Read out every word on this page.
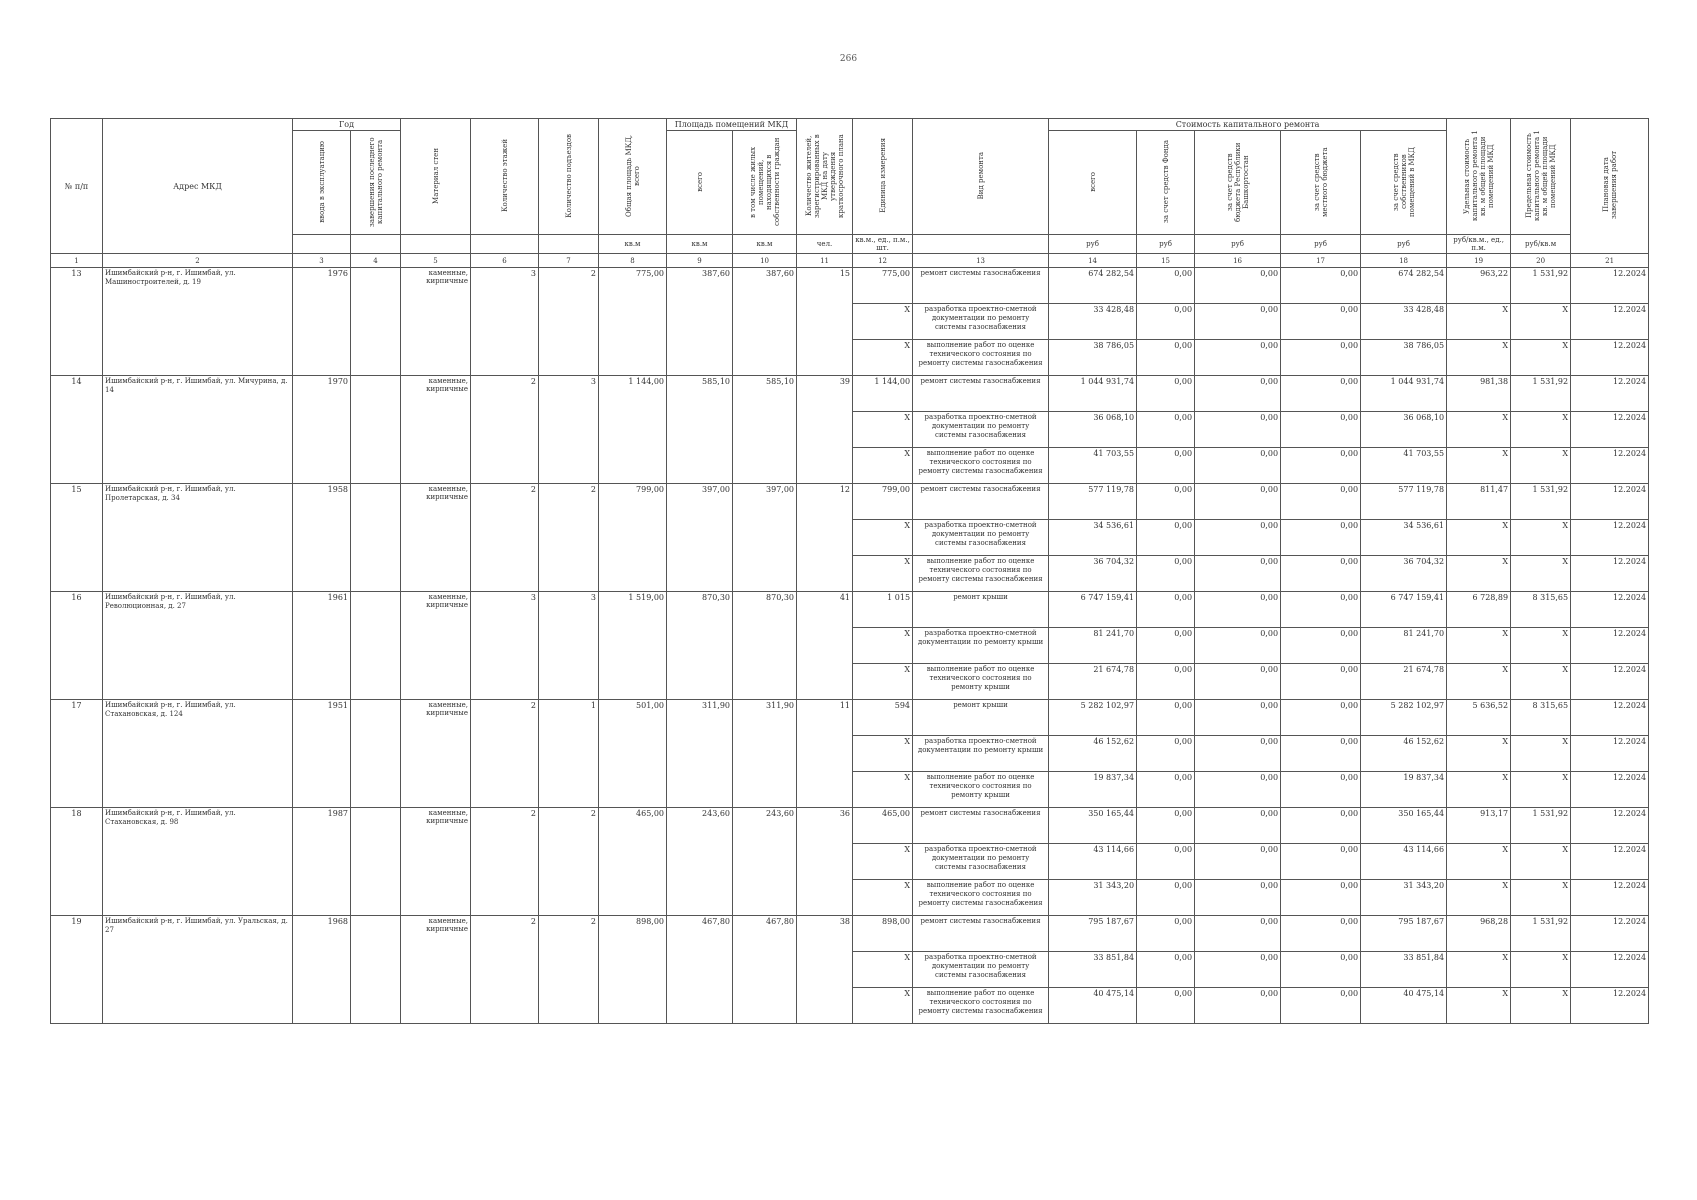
266
№ п/п	Адрес МКД	Год		Материал стен	Количество этажей	Количество подъездов	Общая площадь МКД, всего	Площадь помещений МКД		Количество жителей, зарегистрированных в МКД на дату утверждения краткосрочного плана	Единица измерения	Вид ремонта	Стоимость капитального ремонта					Удельная стоимость капитального ремонта 1 кв. м общей площади помещений МКД	Предельная стоимость капитального ремонта 1 кв. м общей площади помещений МКД	Плановая дата завершения работ
		ввода в эксплуатацию	завершения последнего капитального ремонта					всего	в том числе жилых помещений, находящихся в собственности граждан				всего	за счет средств Фонда	за счет средств бюджета Республики Башкортостан	за счет средств местного бюджета	за счет средств собственников помещений в МКД			
							кв.м	кв.м	кв.м	чел.	кв.м., ед., п.м., шт.		руб	руб	руб	руб	руб	руб/кв.м., ед., п.м.	руб/кв.м	
1	2	3	4	5	6	7	8	9	10	11	12	13	14	15	16	17	18	19	20	21
13	Ишимбайский р-н, г. Ишимбай, ул. Машиностроителей, д. 19	1976		каменные, кирпичные	3	2	775,00	387,60	387,60	15	775,00	ремонт системы газоснабжения	674 282,54	0,00	0,00	0,00	674 282,54	963,22	1 531,92	12.2024
											X	разработка проектно-сметной документации по ремонту системы газоснабжения	33 428,48	0,00	0,00	0,00	33 428,48	X	X	12.2024
											X	выполнение работ по оценке технического состояния по ремонту системы газоснабжения	38 786,05	0,00	0,00	0,00	38 786,05	X	X	12.2024
14	Ишимбайский р-н, г. Ишимбай, ул. Мичурина, д. 14	1970		каменные, кирпичные	2	3	1 144,00	585,10	585,10	39	1 144,00	ремонт системы газоснабжения	1 044 931,74	0,00	0,00	0,00	1 044 931,74	981,38	1 531,92	12.2024
											X	разработка проектно-сметной документации по ремонту системы газоснабжения	36 068,10	0,00	0,00	0,00	36 068,10	X	X	12.2024
											X	выполнение работ по оценке технического состояния по ремонту системы газоснабжения	41 703,55	0,00	0,00	0,00	41 703,55	X	X	12.2024
15	Ишимбайский р-н, г. Ишимбай, ул. Пролетарская, д. 34	1958		каменные, кирпичные	2	2	799,00	397,00	397,00	12	799,00	ремонт системы газоснабжения	577 119,78	0,00	0,00	0,00	577 119,78	811,47	1 531,92	12.2024
											X	разработка проектно-сметной документации по ремонту системы газоснабжения	34 536,61	0,00	0,00	0,00	34 536,61	X	X	12.2024
											X	выполнение работ по оценке технического состояния по ремонту системы газоснабжения	36 704,32	0,00	0,00	0,00	36 704,32	X	X	12.2024
16	Ишимбайский р-н, г. Ишимбай, ул. Революционная, д. 27	1961		каменные, кирпичные	3	3	1 519,00	870,30	870,30	41	1 015	ремонт крыши	6 747 159,41	0,00	0,00	0,00	6 747 159,41	6 728,89	8 315,65	12.2024
											X	разработка проектно-сметной документации по ремонту крыши	81 241,70	0,00	0,00	0,00	81 241,70	X	X	12.2024
											X	выполнение работ по оценке технического состояния по ремонту крыши	21 674,78	0,00	0,00	0,00	21 674,78	X	X	12.2024
17	Ишимбайский р-н, г. Ишимбай, ул. Стахановская, д. 124	1951		каменные, кирпичные	2	1	501,00	311,90	311,90	11	594	ремонт крыши	5 282 102,97	0,00	0,00	0,00	5 282 102,97	5 636,52	8 315,65	12.2024
											X	разработка проектно-сметной документации по ремонту крыши	46 152,62	0,00	0,00	0,00	46 152,62	X	X	12.2024
											X	выполнение работ по оценке технического состояния по ремонту крыши	19 837,34	0,00	0,00	0,00	19 837,34	X	X	12.2024
18	Ишимбайский р-н, г. Ишимбай, ул. Стахановская, д. 98	1987		каменные, кирпичные	2	2	465,00	243,60	243,60	36	465,00	ремонт системы газоснабжения	350 165,44	0,00	0,00	0,00	350 165,44	913,17	1 531,92	12.2024
											X	разработка проектно-сметной документации по ремонту системы газоснабжения	43 114,66	0,00	0,00	0,00	43 114,66	X	X	12.2024
											X	выполнение работ по оценке технического состояния по ремонту системы газоснабжения	31 343,20	0,00	0,00	0,00	31 343,20	X	X	12.2024
19	Ишимбайский р-н, г. Ишимбай, ул. Уральская, д. 27	1968		каменные, кирпичные	2	2	898,00	467,80	467,80	38	898,00	ремонт системы газоснабжения	795 187,67	0,00	0,00	0,00	795 187,67	968,28	1 531,92	12.2024
											X	разработка проектно-сметной документации по ремонту системы газоснабжения	33 851,84	0,00	0,00	0,00	33 851,84	X	X	12.2024
											X	выполнение работ по оценке технического состояния по ремонту системы газоснабжения	40 475,14	0,00	0,00	0,00	40 475,14	X	X	12.2024
